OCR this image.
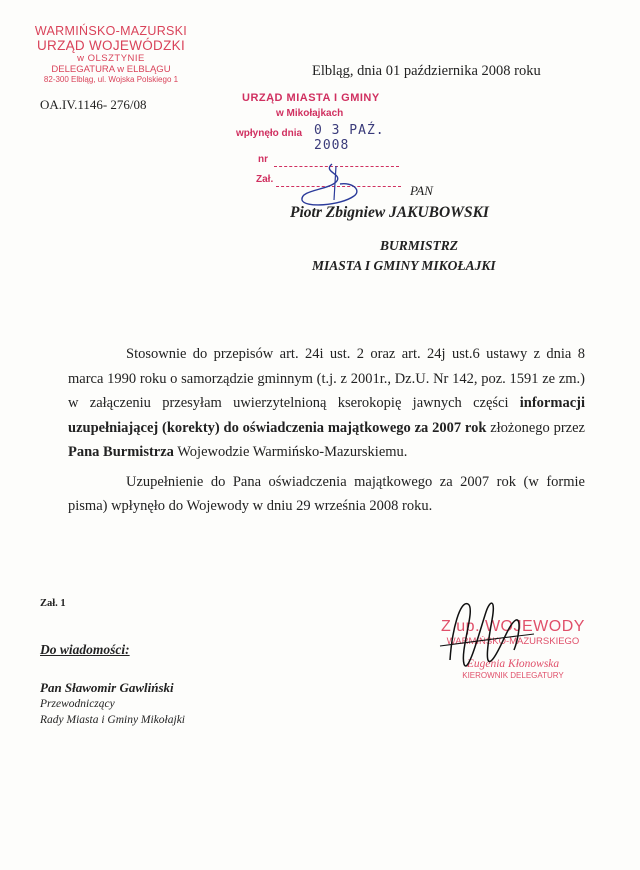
WARMIŃSKO-MAZURSKI
URZĄD WOJEWÓDZKI
w OLSZTYNIE
DELEGATURA w ELBLĄGU
82-300 Elbląg, ul. Wojska Polskiego 1
Elbląg, dnia 01 października 2008 roku
OA.IV.1146- 276/08	URZĄD MIASTA I GMINY
w Mikołajkach
wpłynęło dnia 0 3 PAŹ. 2008
nr
Zał.
PAN
Piotr Zbigniew JAKUBOWSKI
BURMISTRZ
MIASTA I GMINY MIKOŁAJKI

Stosownie do przepisów art. 24i ust. 2 oraz art. 24j ust.6 ustawy z dnia 8 marca 1990 roku o samorządzie gminnym (t.j. z 2001r., Dz.U. Nr 142, poz. 1591 ze zm.) w załączeniu przesyłam uwierzytelnioną kserokopię jawnych części informacji uzupełniającej (korekty) do oświadczenia majątkowego za 2007 rok złożonego przez Pana Burmistrza Wojewodzie Warmińsko-Mazurskiemu.

Uzupełnienie do Pana oświadczenia majątkowego za 2007 rok (w formie pisma) wpłynęło do Wojewody w dniu 29 września 2008 roku.

Zał. 1
Do wiadomości:
Pan Sławomir Gawliński
Przewodniczący
Rady Miasta i Gminy Mikołajki
Z up. WOJEWODY
WARMIŃSKO-MAZURSKIEGO
Eugenia Kłonowska
KIEROWNIK DELEGATURY
